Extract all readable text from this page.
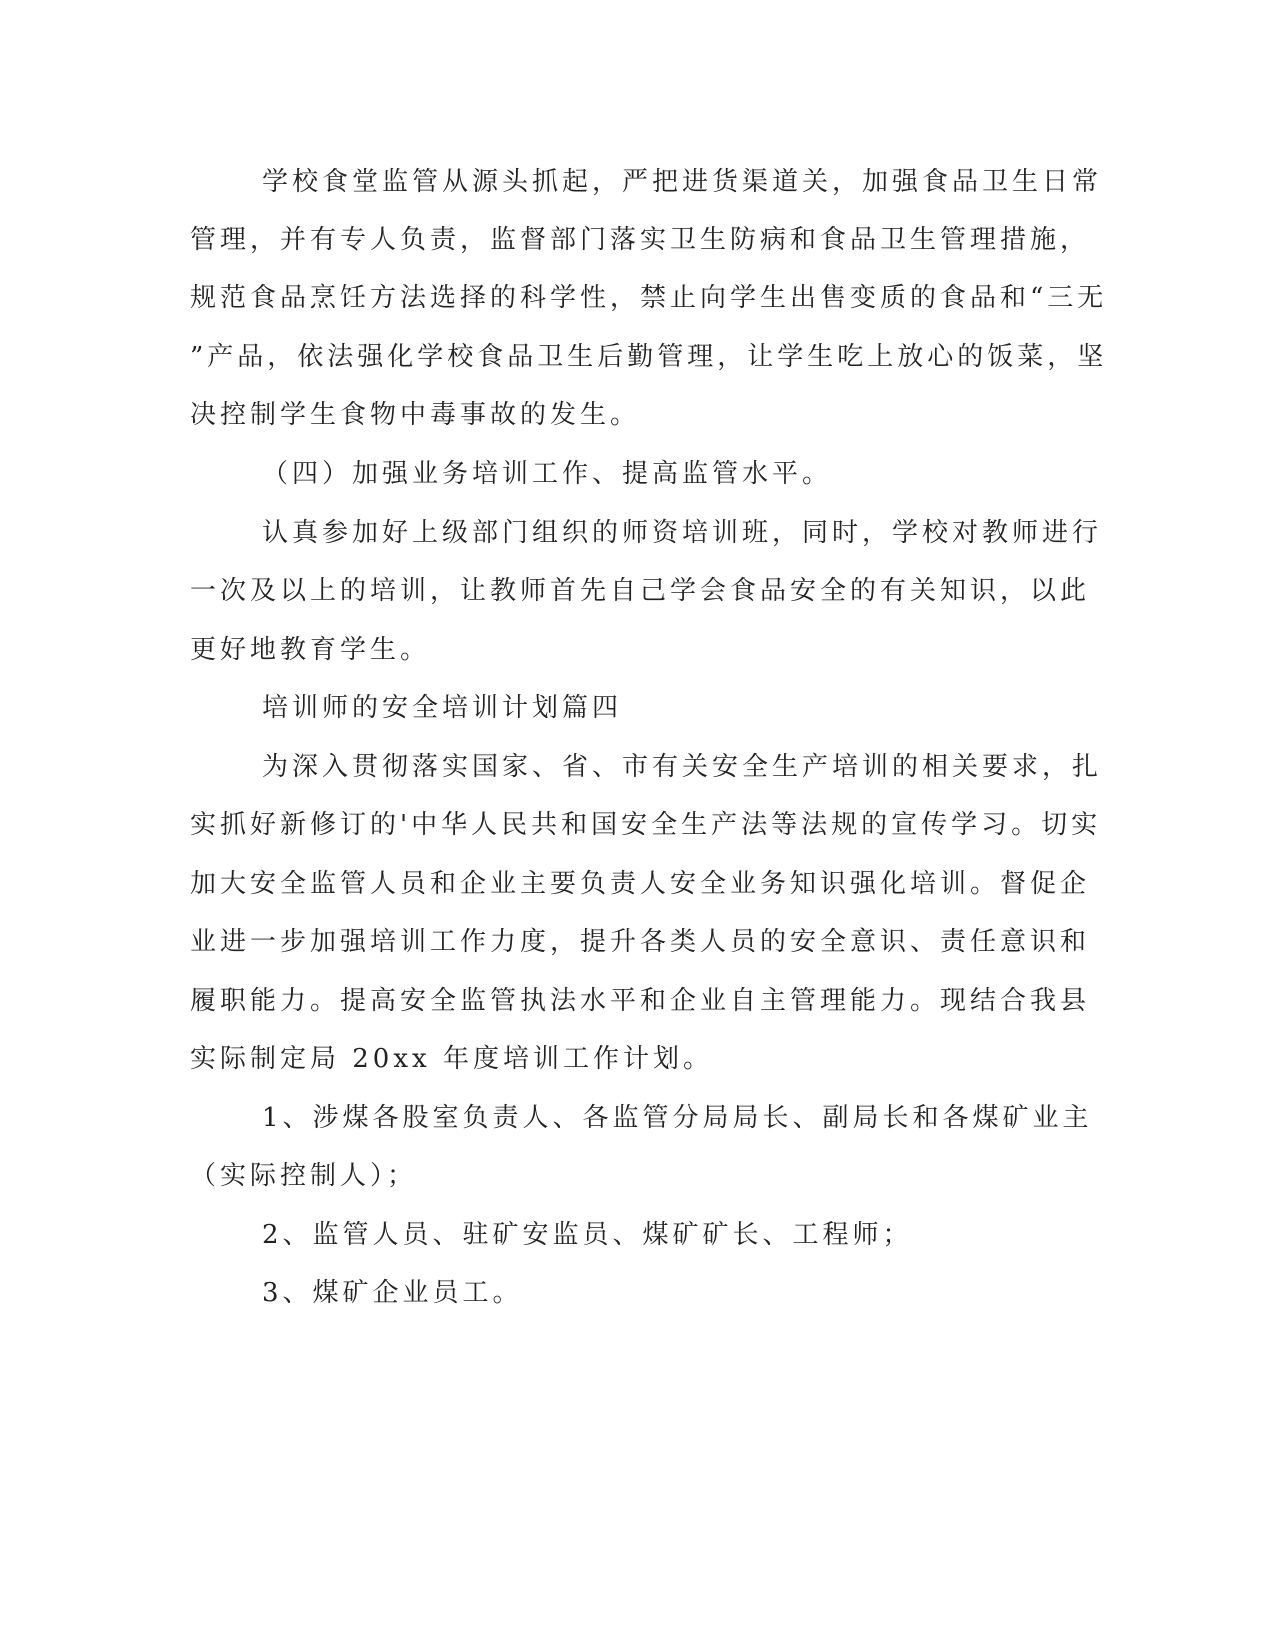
学校食堂监管从源头抓起，严把进货渠道关，加强食品卫生日常
管理，并有专人负责，监督部门落实卫生防病和食品卫生管理措施，
规范食品烹饪方法选择的科学性，禁止向学生出售变质的食品和“三无
”产品，依法强化学校食品卫生后勤管理，让学生吃上放心的饭菜，坚
决控制学生食物中毒事故的发生。
（四）加强业务培训工作、提高监管水平。
认真参加好上级部门组织的师资培训班，同时，学校对教师进行
一次及以上的培训，让教师首先自己学会食品安全的有关知识，以此
更好地教育学生。
培训师的安全培训计划篇四
为深入贯彻落实国家、省、市有关安全生产培训的相关要求，扎
实抓好新修订的'中华人民共和国安全生产法等法规的宣传学习。切实
加大安全监管人员和企业主要负责人安全业务知识强化培训。督促企
业进一步加强培训工作力度，提升各类人员的安全意识、责任意识和
履职能力。提高安全监管执法水平和企业自主管理能力。现结合我县
实际制定局 20xx 年度培训工作计划。
1、涉煤各股室负责人、各监管分局局长、副局长和各煤矿业主
（实际控制人）；
2、监管人员、驻矿安监员、煤矿矿长、工程师；
3、煤矿企业员工。
